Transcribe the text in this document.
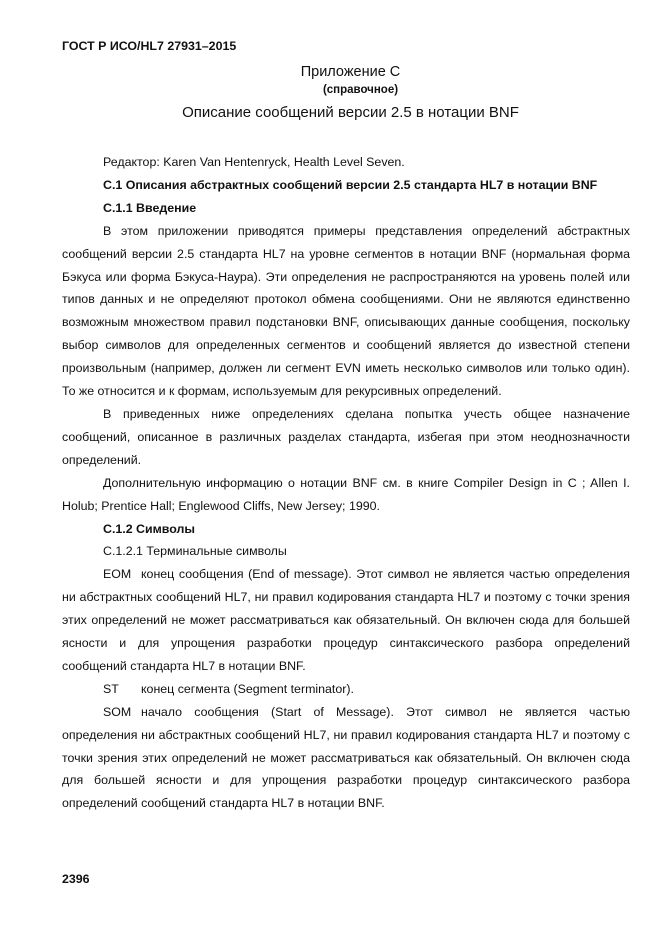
ГОСТ Р ИСО/HL7 27931–2015
Приложение С
(справочное)
Описание сообщений версии 2.5 в нотации BNF

Редактор: Karen Van Hentenryck, Health Level Seven.

С.1 Описания абстрактных сообщений версии 2.5 стандарта HL7 в нотации BNF

С.1.1 Введение

В этом приложении приводятся примеры представления определений абстрактных сообщений версии 2.5 стандарта HL7 на уровне сегментов в нотации BNF (нормальная форма Бэкуса или форма Бэкуса-Наура). Эти определения не распространяются на уровень полей или типов данных и не определяют протокол обмена сообщениями. Они не являются единственно возможным множеством правил подстановки BNF, описывающих данные сообщения, поскольку выбор символов для определенных сегментов и сообщений является до известной степени произвольным (например, должен ли сегмент EVN иметь несколько символов или только один). То же относится и к формам, используемым для рекурсивных определений.

В приведенных ниже определениях сделана попытка учесть общее назначение сообщений, описанное в различных разделах стандарта, избегая при этом неоднозначности определений.

Дополнительную информацию о нотации BNF см. в книге Compiler Design in C ; Allen I. Holub; Prentice Hall; Englewood Cliffs, New Jersey; 1990.

С.1.2 Символы

С.1.2.1 Терминальные символы

EOM конец сообщения (End of message). Этот символ не является частью определения ни абстрактных сообщений HL7, ни правил кодирования стандарта HL7 и поэтому с точки зрения этих определений не может рассматриваться как обязательный. Он включен сюда для большей ясности и для упрощения разработки процедур синтаксического разбора определений сообщений стандарта HL7 в нотации BNF.

ST конец сегмента (Segment terminator).

SOM начало сообщения (Start of Message). Этот символ не является частью определения ни абстрактных сообщений HL7, ни правил кодирования стандарта HL7 и поэтому с точки зрения этих определений не может рассматриваться как обязательный. Он включен сюда для большей ясности и для упрощения разработки процедур синтаксического разбора определений сообщений стандарта HL7 в нотации BNF.

2396
